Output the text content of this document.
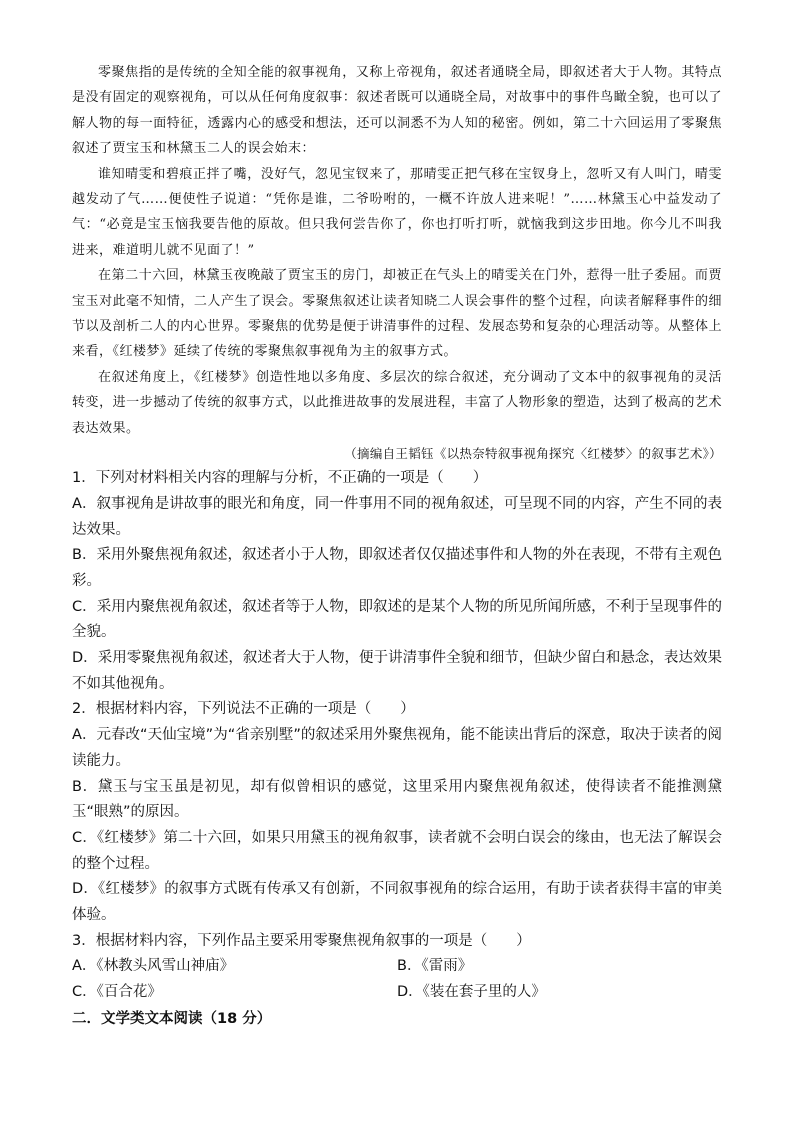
零聚焦指的是传统的全知全能的叙事视角，又称上帝视角，叙述者通晓全局，即叙述者大于人物。其特点是没有固定的观察视角，可以从任何角度叙事：叙述者既可以通晓全局，对故事中的事件鸟瞰全貌，也可以了解人物的每一面特征，透露内心的感受和想法，还可以洞悉不为人知的秘密。例如，第二十六回运用了零聚焦叙述了贾宝玉和林黛玉二人的误会始末：

谁知晴雯和碧痕正拌了嘴，没好气，忽见宝钗来了，那晴雯正把气移在宝钗身上，忽听又有人叫门，晴雯越发动了气……便使性子说道：“凭你是谁，二爷吩咐的，一概不许放人进来呢！”……林黛玉心中益发动了气：“必竟是宝玉恼我要告他的原故。但只我何尝告你了，你也打听打听，就恼我到这步田地。你今儿不叫我进来，难道明儿就不见面了！”

在第二十六回，林黛玉夜晚敲了贾宝玉的房门，却被正在气头上的晴雯关在门外，惹得一肚子委屈。而贾宝玉对此毫不知情，二人产生了误会。零聚焦叙述让读者知晓二人误会事件的整个过程，向读者解释事件的细节以及剖析二人的内心世界。零聚焦的优势是便于讲清事件的过程、发展态势和复杂的心理活动等。从整体上来看，《红楼梦》延续了传统的零聚焦叙事视角为主的叙事方式。

在叙述角度上，《红楼梦》创造性地以多角度、多层次的综合叙述，充分调动了文本中的叙事视角的灵活转变，进一步撼动了传统的叙事方式，以此推进故事的发展进程，丰富了人物形象的塑造，达到了极高的艺术表达效果。

（摘编自王韬钰《以热奈特叙事视角探究〈红楼梦〉的叙事艺术》）

1．下列对材料相关内容的理解与分析，不正确的一项是（　　）

A．叙事视角是讲故事的眼光和角度，同一件事用不同的视角叙述，可呈现不同的内容，产生不同的表达效果。

B．采用外聚焦视角叙述，叙述者小于人物，即叙述者仅仅描述事件和人物的外在表现，不带有主观色彩。

C．采用内聚焦视角叙述，叙述者等于人物，即叙述的是某个人物的所见所闻所感，不利于呈现事件的全貌。

D．采用零聚焦视角叙述，叙述者大于人物，便于讲清事件全貌和细节，但缺少留白和悬念，表达效果不如其他视角。

2．根据材料内容，下列说法不正确的一项是（　　）

A．元春改“天仙宝境”为“省亲别墅”的叙述采用外聚焦视角，能不能读出背后的深意，取决于读者的阅读能力。

B．黛玉与宝玉虽是初见，却有似曾相识的感觉，这里采用内聚焦视角叙述，使得读者不能推测黛玉“眼熟”的原因。

C．《红楼梦》第二十六回，如果只用黛玉的视角叙事，读者就不会明白误会的缘由，也无法了解误会的整个过程。

D．《红楼梦》的叙事方式既有传承又有创新，不同叙事视角的综合运用，有助于读者获得丰富的审美体验。

3．根据材料内容，下列作品主要采用零聚焦视角叙事的一项是（　　）

A．《林教头风雪山神庙》	B．《雷雨》
C．《百合花》	D．《装在套子里的人》

二．文学类文本阅读（18 分）
